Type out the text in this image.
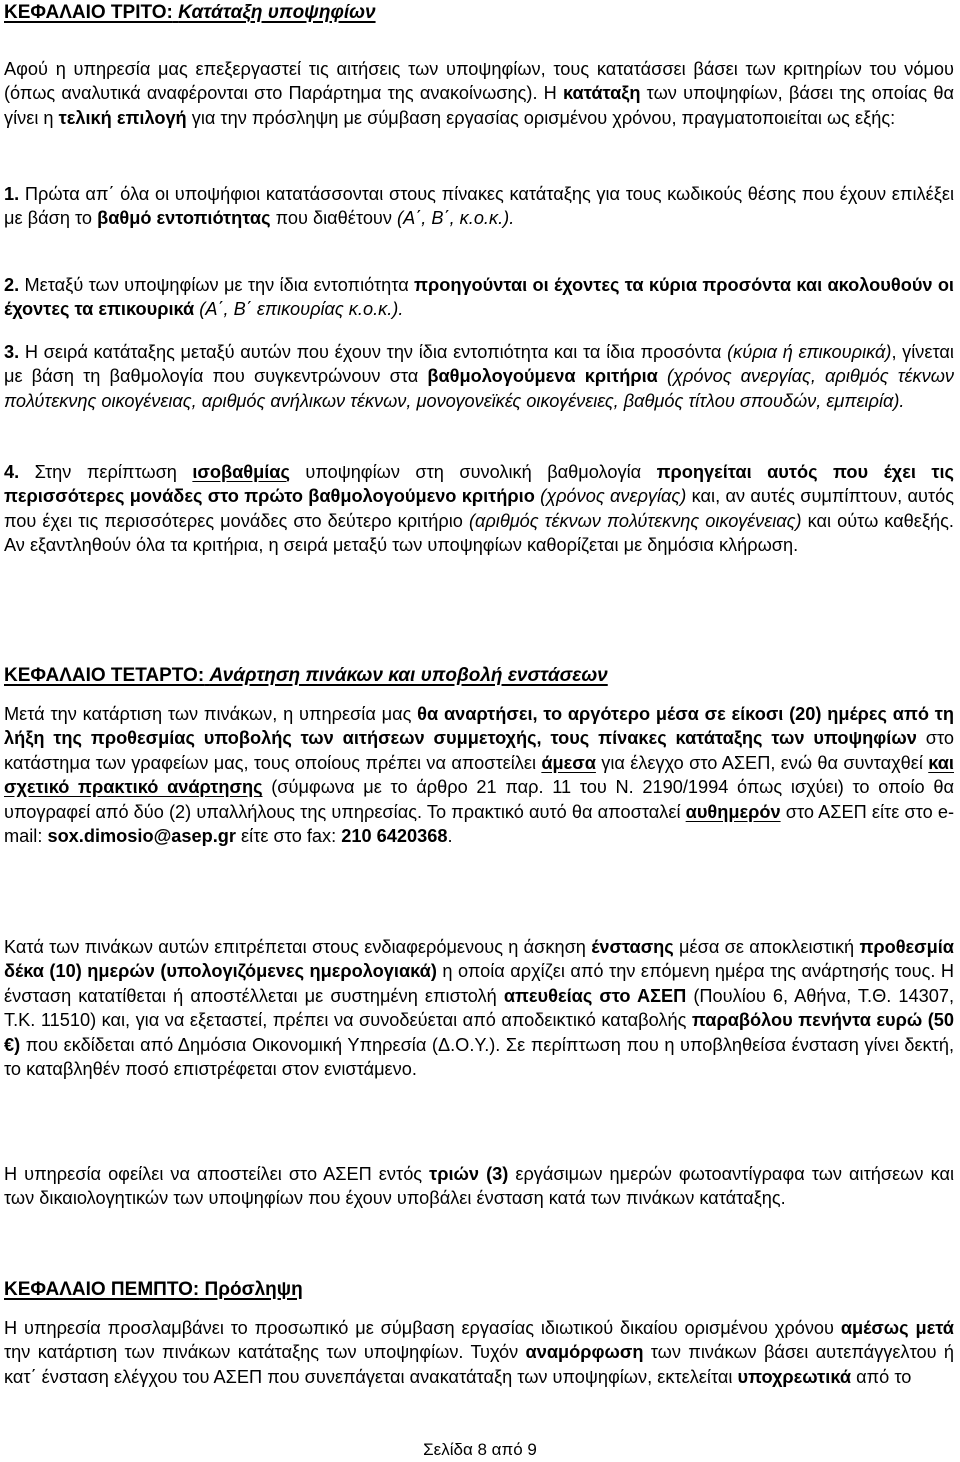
ΚΕΦΑΛΑΙΟ ΤΡΙΤΟ: Κατάταξη υποψηφίων

Αφού η υπηρεσία μας επεξεργαστεί τις αιτήσεις των υποψηφίων, τους κατατάσσει βάσει των κριτηρίων του νόμου (όπως αναλυτικά αναφέρονται στο Παράρτημα της ανακοίνωσης). Η κατάταξη των υποψηφίων, βάσει της οποίας θα γίνει η τελική επιλογή για την πρόσληψη με σύμβαση εργασίας ορισμένου χρόνου, πραγματοποιείται ως εξής:

1. Πρώτα απ΄ όλα οι υποψήφιοι κατατάσσονται στους πίνακες κατάταξης για τους κωδικούς θέσης που έχουν επιλέξει με βάση το βαθμό εντοπιότητας που διαθέτουν (Α΄, Β΄, κ.ο.κ.).

2. Μεταξύ των υποψηφίων με την ίδια εντοπιότητα προηγούνται οι έχοντες τα κύρια προσόντα και ακολουθούν οι έχοντες τα επικουρικά (Α΄, Β΄ επικουρίας κ.ο.κ.).

3. Η σειρά κατάταξης μεταξύ αυτών που έχουν την ίδια εντοπιότητα και τα ίδια προσόντα (κύρια ή επικουρικά), γίνεται με βάση τη βαθμολογία που συγκεντρώνουν στα βαθμολογούμενα κριτήρια (χρόνος ανεργίας, αριθμός τέκνων πολύτεκνης οικογένειας, αριθμός ανήλικων τέκνων, μονογονεϊκές οικογένειες, βαθμός τίτλου σπουδών, εμπειρία).

4. Στην περίπτωση ισοβαθμίας υποψηφίων στη συνολική βαθμολογία προηγείται αυτός που έχει τις περισσότερες μονάδες στο πρώτο βαθμολογούμενο κριτήριο (χρόνος ανεργίας) και, αν αυτές συμπίπτουν, αυτός που έχει τις περισσότερες μονάδες στο δεύτερο κριτήριο (αριθμός τέκνων πολύτεκνης οικογένειας) και ούτω καθεξής. Αν εξαντληθούν όλα τα κριτήρια, η σειρά μεταξύ των υποψηφίων καθορίζεται με δημόσια κλήρωση.

ΚΕΦΑΛΑΙΟ ΤΕΤΑΡΤΟ: Ανάρτηση πινάκων και υποβολή ενστάσεων

Μετά την κατάρτιση των πινάκων, η υπηρεσία μας θα αναρτήσει, το αργότερο μέσα σε είκοσι (20) ημέρες από τη λήξη της προθεσμίας υποβολής των αιτήσεων συμμετοχής, τους πίνακες κατάταξης των υποψηφίων στο κατάστημα των γραφείων μας, τους οποίους πρέπει να αποστείλει άμεσα για έλεγχο στο ΑΣΕΠ, ενώ θα συνταχθεί και σχετικό πρακτικό ανάρτησης (σύμφωνα με το άρθρο 21 παρ. 11 του Ν. 2190/1994 όπως ισχύει) το οποίο θα υπογραφεί από δύο (2) υπαλλήλους της υπηρεσίας. Το πρακτικό αυτό θα αποσταλεί αυθημερόν στο ΑΣΕΠ είτε στο e-mail: sox.dimosio@asep.gr είτε στο fax: 210 6420368.

Κατά των πινάκων αυτών επιτρέπεται στους ενδιαφερόμενους η άσκηση ένστασης μέσα σε αποκλειστική προθεσμία δέκα (10) ημερών (υπολογιζόμενες ημερολογιακά) η οποία αρχίζει από την επόμενη ημέρα της ανάρτησής τους. Η ένσταση κατατίθεται ή αποστέλλεται με συστημένη επιστολή απευθείας στο ΑΣΕΠ (Πουλίου 6, Αθήνα, Τ.Θ. 14307, Τ.Κ. 11510) και, για να εξεταστεί, πρέπει να συνοδεύεται από αποδεικτικό καταβολής παραβόλου πενήντα ευρώ (50 €) που εκδίδεται από Δημόσια Οικονομική Υπηρεσία (Δ.Ο.Υ.). Σε περίπτωση που η υποβληθείσα ένσταση γίνει δεκτή, το καταβληθέν ποσό επιστρέφεται στον ενιστάμενο.

Η υπηρεσία οφείλει να αποστείλει στο ΑΣΕΠ εντός τριών (3) εργάσιμων ημερών φωτοαντίγραφα των αιτήσεων και των δικαιολογητικών των υποψηφίων που έχουν υποβάλει ένσταση κατά των πινάκων κατάταξης.

ΚΕΦΑΛΑΙΟ ΠΕΜΠΤΟ: Πρόσληψη

Η υπηρεσία προσλαμβάνει το προσωπικό με σύμβαση εργασίας ιδιωτικού δικαίου ορισμένου χρόνου αμέσως μετά την κατάρτιση των πινάκων κατάταξης των υποψηφίων. Τυχόν αναμόρφωση των πινάκων βάσει αυτεπάγγελτου ή κατ΄ ένσταση ελέγχου του ΑΣΕΠ που συνεπάγεται ανακατάταξη των υποψηφίων, εκτελείται υποχρεωτικά από το

Σελίδα 8 από 9
